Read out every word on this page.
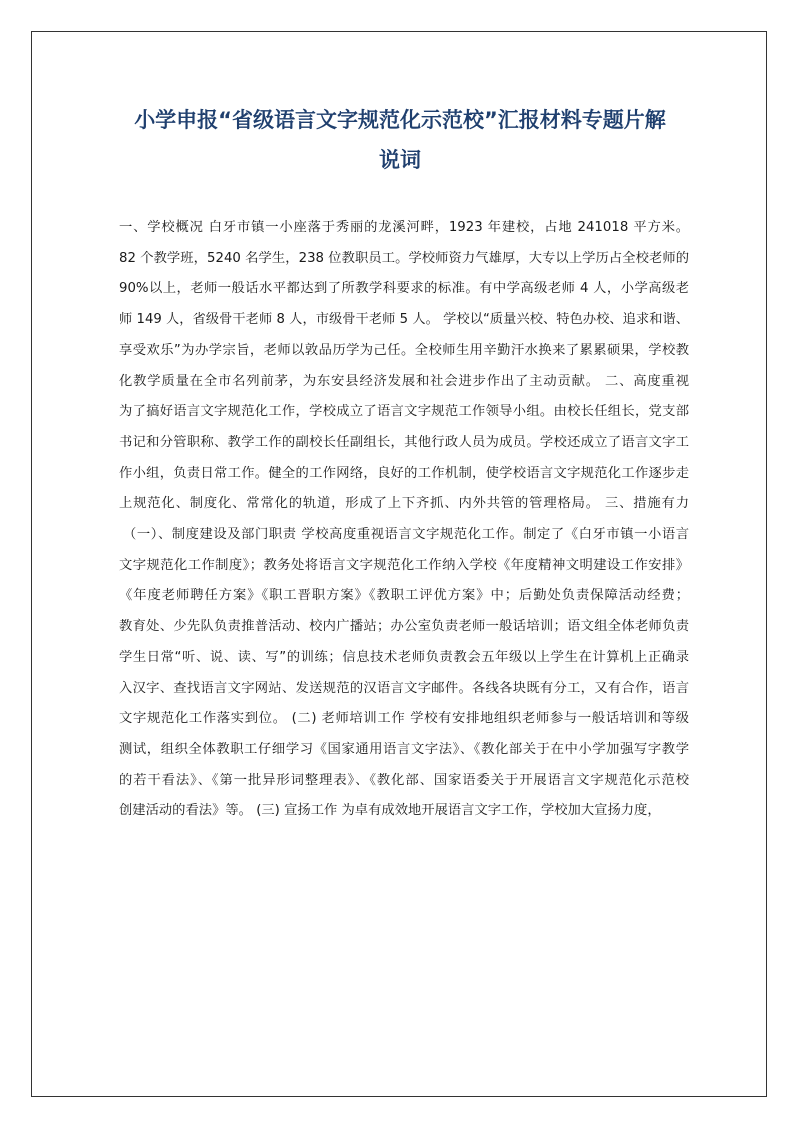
小学申报“省级语言文字规范化示范校”汇报材料专题片解
说词
一、学校概况 白牙市镇一小座落于秀丽的龙溪河畔，1923 年建校，占地 241018 平方米。
82 个教学班，5240 名学生，238 位教职员工。学校师资力气雄厚，大专以上学历占全校老师的
90%以上，老师一般话水平都达到了所教学科要求的标准。有中学高级老师 4 人，小学高级老
师 149 人，省级骨干老师 8 人，市级骨干老师 5 人。 学校以“质量兴校、特色办校、追求和谐、
享受欢乐”为办学宗旨，老师以敦品历学为己任。全校师生用辛勤汗水换来了累累硕果，学校教
化教学质量在全市名列前茅，为东安县经济发展和社会进步作出了主动贡献。 二、高度重视
为了搞好语言文字规范化工作，学校成立了语言文字规范工作领导小组。由校长任组长，党支部
书记和分管职称、教学工作的副校长任副组长，其他行政人员为成员。学校还成立了语言文字工
作小组，负责日常工作。健全的工作网络，良好的工作机制，使学校语言文字规范化工作逐步走
上规范化、制度化、常常化的轨道，形成了上下齐抓、内外共管的管理格局。 三、措施有力
（一）、制度建设及部门职责 学校高度重视语言文字规范化工作。制定了《白牙市镇一小语言
文字规范化工作制度》；教务处将语言文字规范化工作纳入学校《年度精神文明建设工作安排》
《年度老师聘任方案》《职工晋职方案》《教职工评优方案》中；后勤处负责保障活动经费；
教育处、少先队负责推普活动、校内广播站；办公室负责老师一般话培训；语文组全体老师负责
学生日常“听、说、读、写”的训练；信息技术老师负责教会五年级以上学生在计算机上正确录
入汉字、查找语言文字网站、发送规范的汉语言文字邮件。各线各块既有分工，又有合作，语言
文字规范化工作落实到位。 (二) 老师培训工作 学校有安排地组织老师参与一般话培训和等级
测试，组织全体教职工仔细学习《国家通用语言文字法》、《教化部关于在中小学加强写字教学
的若干看法》、《第一批异形词整理表》、《教化部、国家语委关于开展语言文字规范化示范校
创建活动的看法》等。 (三) 宣扬工作 为卓有成效地开展语言文字工作，学校加大宣扬力度，
